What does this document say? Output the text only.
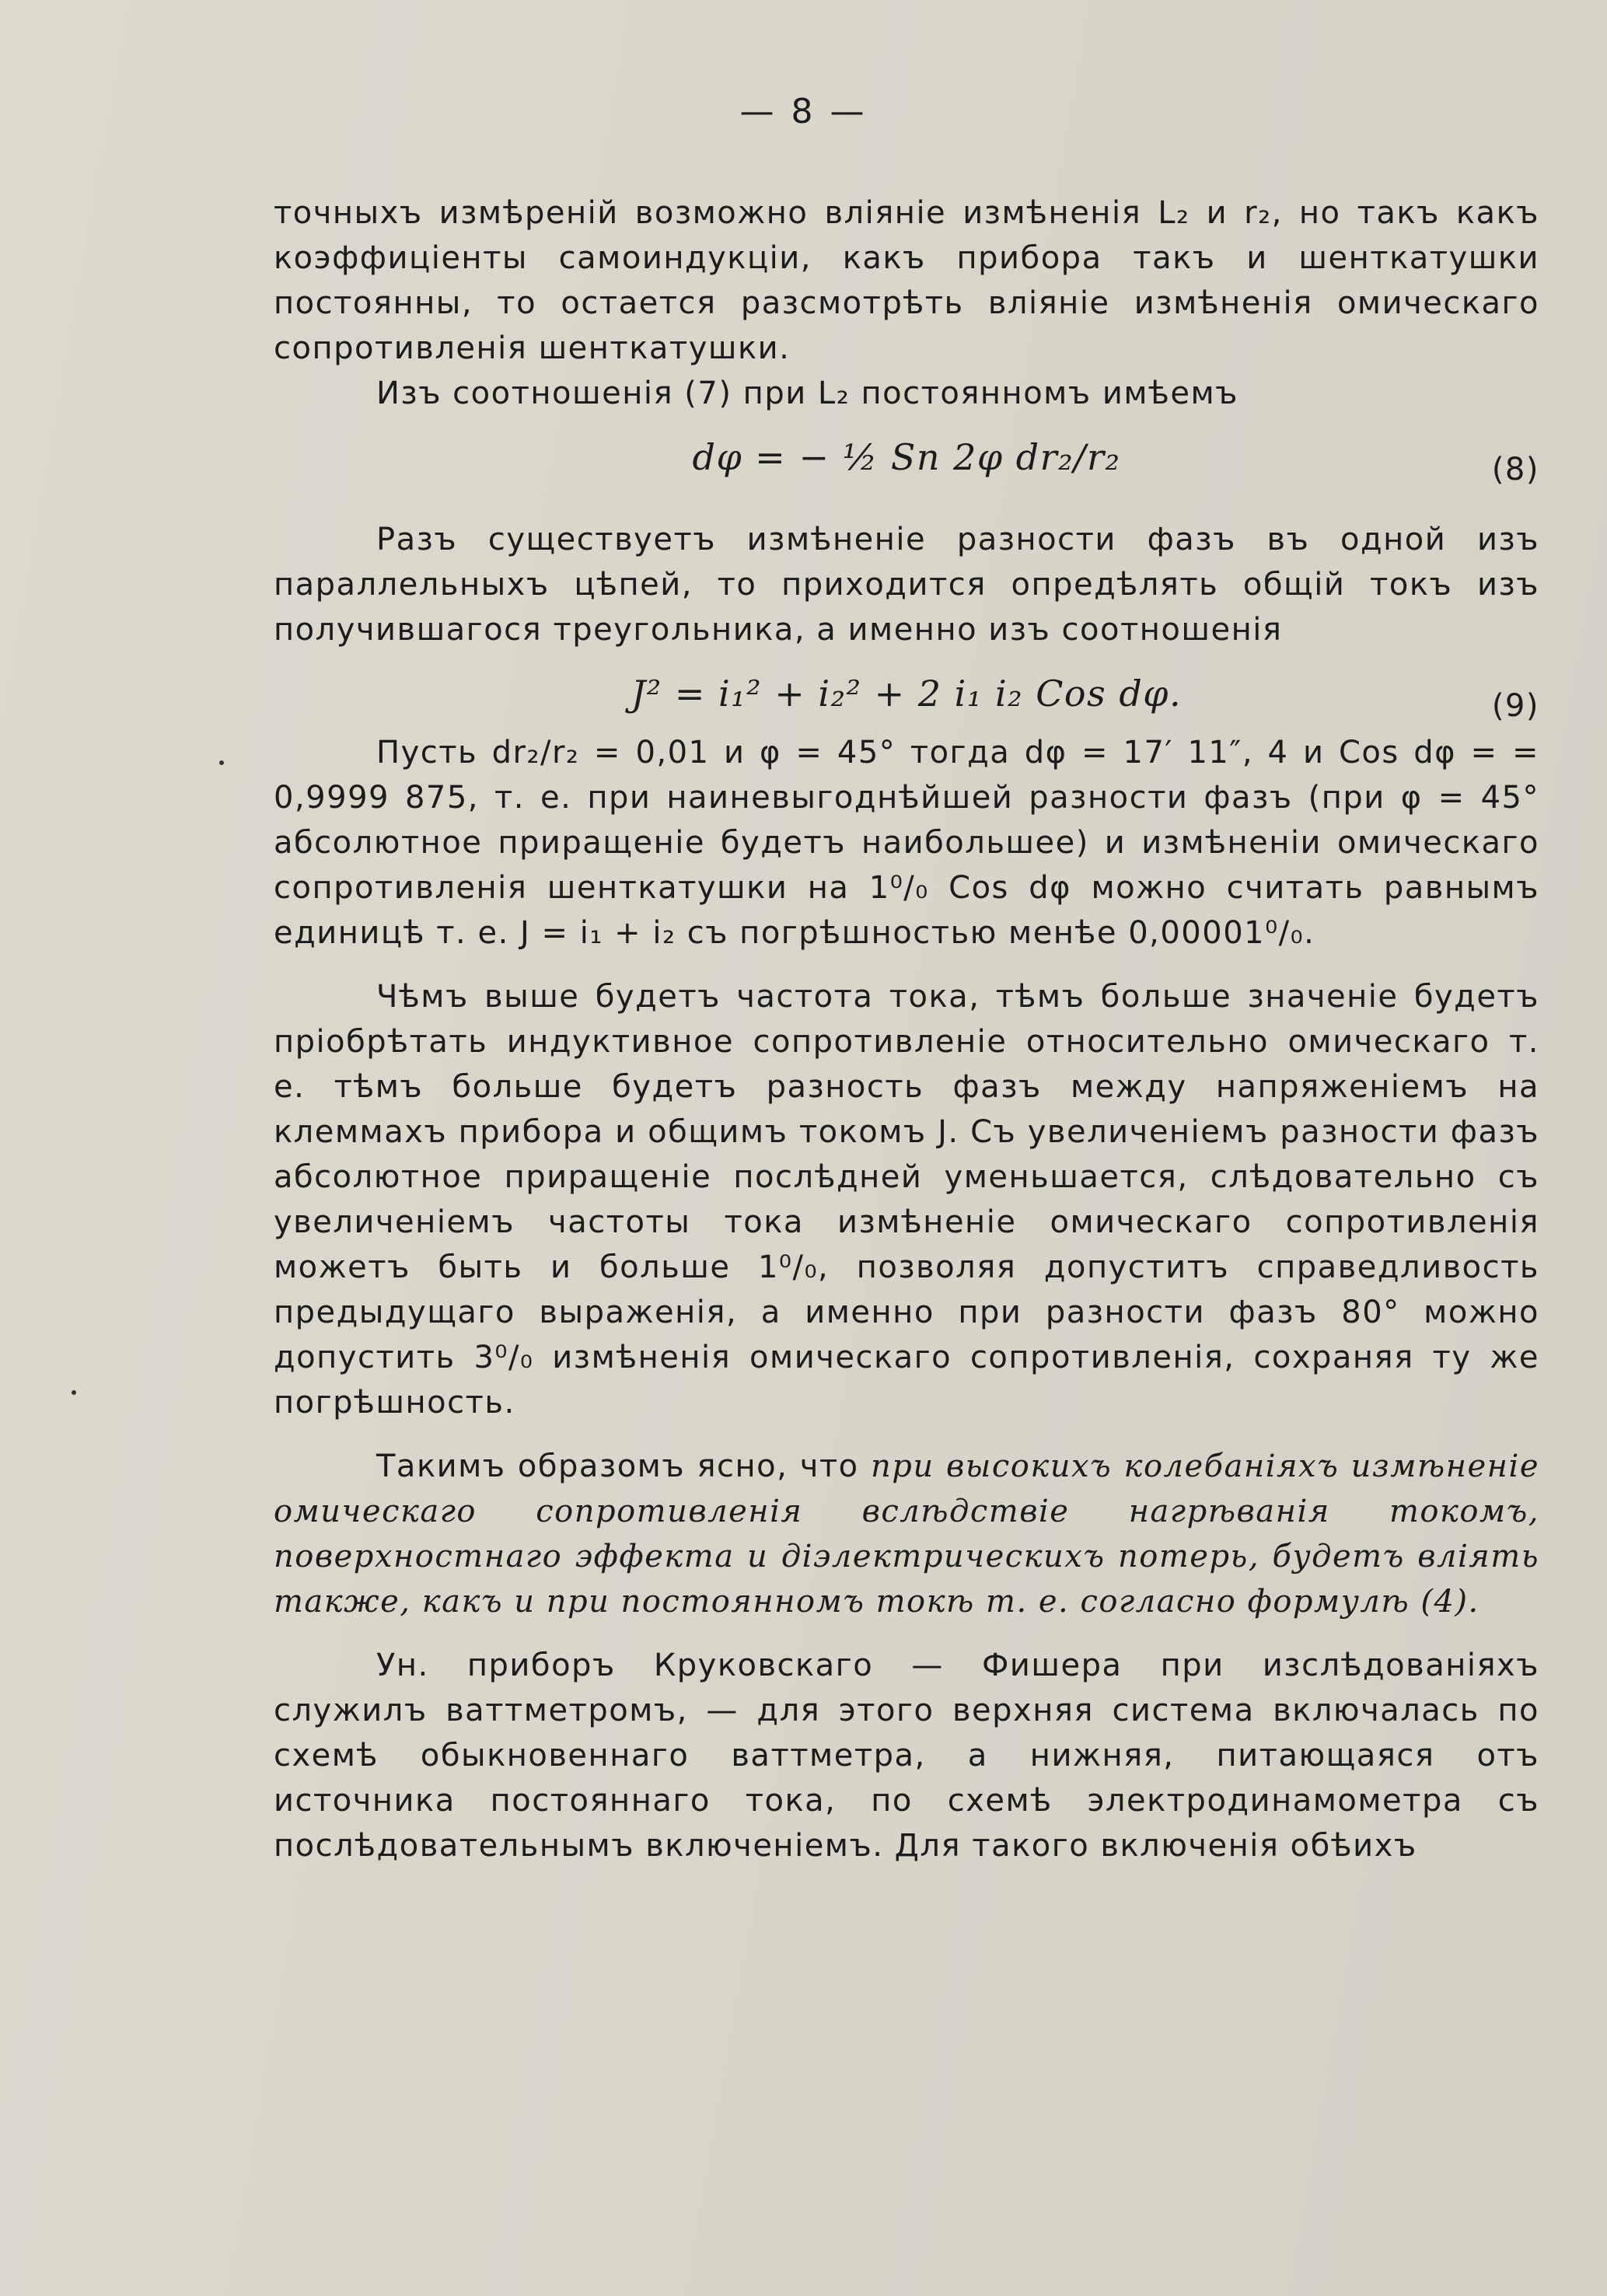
— 8 —

точныхъ измѣреній возможно вліяніе измѣненія L₂ и r₂, но такъ какъ коэффиціенты самоиндукціи, какъ прибора такъ и шенткатушки постоянны, то остается разсмотрѣть вліяніе измѣненія омическаго сопротивленія шенткатушки.

Изъ соотношенія (7) при L₂ постоянномъ имѣемъ

dφ = − ½ Sn 2φ dr₂/r₂	(8)

Разъ существуетъ измѣненіе разности фазъ въ одной изъ параллельныхъ цѣпей, то приходится опредѣлять общій токъ изъ получившагося треугольника, а именно изъ соотношенія

J² = i₁² + i₂² + 2 i₁ i₂ Cos dφ.	(9)

Пусть dr₂/r₂ = 0,01 и φ = 45° тогда dφ = 17′ 11″, 4 и Cos dφ = = 0,9999 875, т. е. при наиневыгоднѣйшей разности фазъ (при φ = 45° абсолютное приращеніе будетъ наибольшее) и измѣненіи омическаго сопротивленія шенткатушки на 1⁰/₀ Cos dφ можно считать равнымъ единицѣ т. е. J = i₁ + i₂ съ погрѣшностью менѣе 0,00001⁰/₀.

Чѣмъ выше будетъ частота тока, тѣмъ больше значеніе будетъ пріобрѣтать индуктивное сопротивленіе относительно омическаго т. е. тѣмъ больше будетъ разность фазъ между напряженіемъ на клеммахъ прибора и общимъ токомъ J. Съ увеличеніемъ разности фазъ абсолютное приращеніе послѣдней уменьшается, слѣдовательно съ увеличеніемъ частоты тока измѣненіе омическаго сопротивленія можетъ быть и больше 1⁰/₀, позволяя допуститъ справедливость предыдущаго выраженія, а именно при разности фазъ 80° можно допустить 3⁰/₀ измѣненія омическаго сопротивленія, сохраняя ту же погрѣшность.

Такимъ образомъ ясно, что при высокихъ колебаніяхъ измѣненіе омическаго сопротивленія вслѣдствіе нагрѣванія токомъ, поверхностнаго эффекта и діэлектрическихъ потерь, будетъ вліять также, какъ и при постоянномъ токѣ т. е. согласно формулѣ (4).

Ун. приборъ Круковскаго — Фишера при изслѣдованіяхъ служилъ ваттметромъ, — для этого верхняя система включалась по схемѣ обыкновеннаго ваттметра, а нижняя, питающаяся отъ источника постояннаго тока, по схемѣ электродинамометра съ послѣдовательнымъ включеніемъ. Для такого включенія обѣихъ
